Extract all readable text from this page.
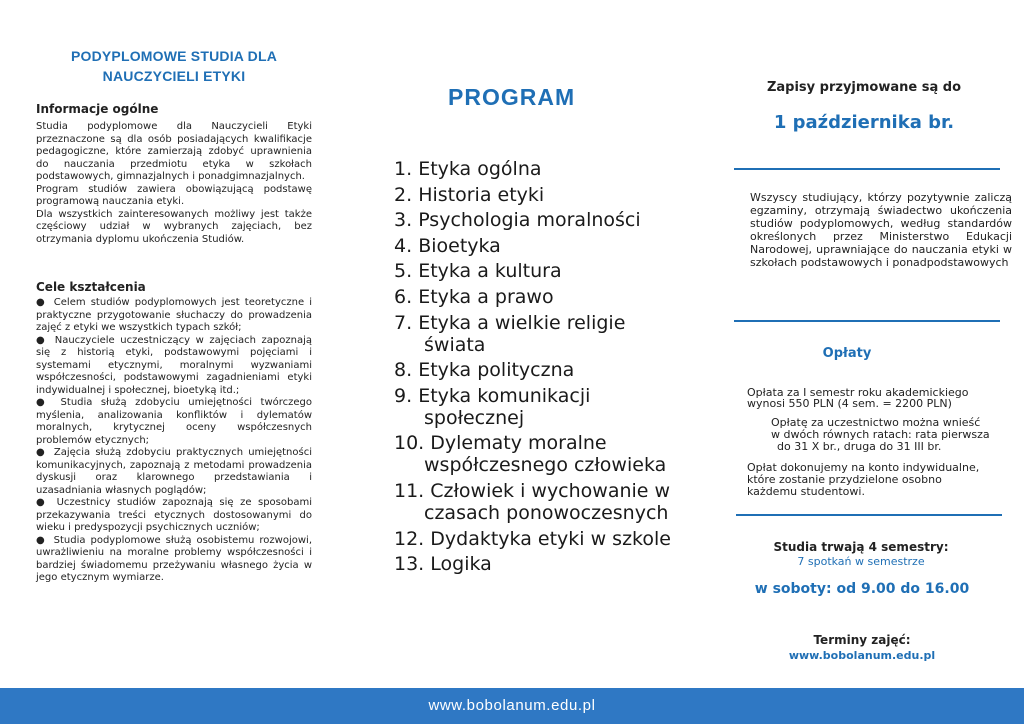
PODYPLOMOWE STUDIA DLA
NAUCZYCIELI ETYKI
Informacje ogólne

Studia podyplomowe dla Nauczycieli Etyki przeznaczone są dla osób posiadających kwalifikacje pedagogiczne, które zamierzają zdobyć uprawnienia do nauczania przedmiotu etyka w szkołach podstawowych, gimnazjalnych i ponadgimnazjalnych.

Program studiów zawiera obowiązującą podstawę programową nauczania etyki.

Dla wszystkich zainteresowanych możliwy jest także częściowy udział w wybranych zajęciach, bez otrzymania dyplomu ukończenia Studiów.

Cele kształcenia

● Celem studiów podyplomowych jest teoretyczne i praktyczne przygotowanie słuchaczy do prowadzenia zajęć z etyki we wszystkich typach szkół;

● Nauczyciele uczestniczący w zajęciach zapoznają się z historią etyki, podstawowymi pojęciami i systemami etycznymi, moralnymi wyzwaniami współczesności, podstawowymi zagadnieniami etyki indywidualnej i społecznej, bioetyką itd.;

● Studia służą zdobyciu umiejętności twórczego myślenia, analizowania konfliktów i dylematów moralnych, krytycznej oceny współczesnych problemów etycznych;

● Zajęcia służą zdobyciu praktycznych umiejętności komunikacyjnych, zapoznają z metodami prowadzenia dyskusji oraz klarownego przedstawiania i uzasadniania własnych poglądów;

● Uczestnicy studiów zapoznają się ze sposobami przekazywania treści etycznych dostosowanymi do wieku i predyspozycji psychicznych uczniów;

● Studia podyplomowe służą osobistemu rozwojowi, uwrażliwieniu na moralne problemy współczesności i bardziej świadomemu przeżywaniu własnego życia w jego etycznym wymiarze.

PROGRAM
1. Etyka ogólna
2. Historia etyki
3. Psychologia moralności
4. Bioetyka
5. Etyka a kultura
6. Etyka a prawo
7. Etyka a wielkie religie
świata
8. Etyka polityczna
9. Etyka komunikacji
społecznej
10. Dylematy moralne
współczesnego człowieka
11. Człowiek i wychowanie w
czasach ponowoczesnych
12. Dydaktyka etyki w szkole
13. Logika
Zapisy przyjmowane są do
1 października br.

Wszyscy studiujący, którzy pozytywnie zaliczą egzaminy, otrzymają świadectwo ukończenia studiów podyplomowych, według standardów określonych przez Ministerstwo Edukacji Narodowej, uprawniające do nauczania etyki w szkołach podstawowych i ponadpodstawowych

Opłaty

Opłata za I semestr roku akademickiego

wynosi 550 PLN (4 sem. = 2200 PLN)

Opłatę za uczestnictwo można wnieść

w dwóch równych ratach: rata pierwsza

do 31 X br., druga do 31 III br.

Opłat dokonujemy na konto indywidualne,

które zostanie przydzielone osobno

każdemu studentowi.

Studia trwają 4 semestry:
7 spotkań w semestrze
w soboty: od 9.00 do 16.00
Terminy zajęć:
www.bobolanum.edu.pl
www.bobolanum.edu.pl
